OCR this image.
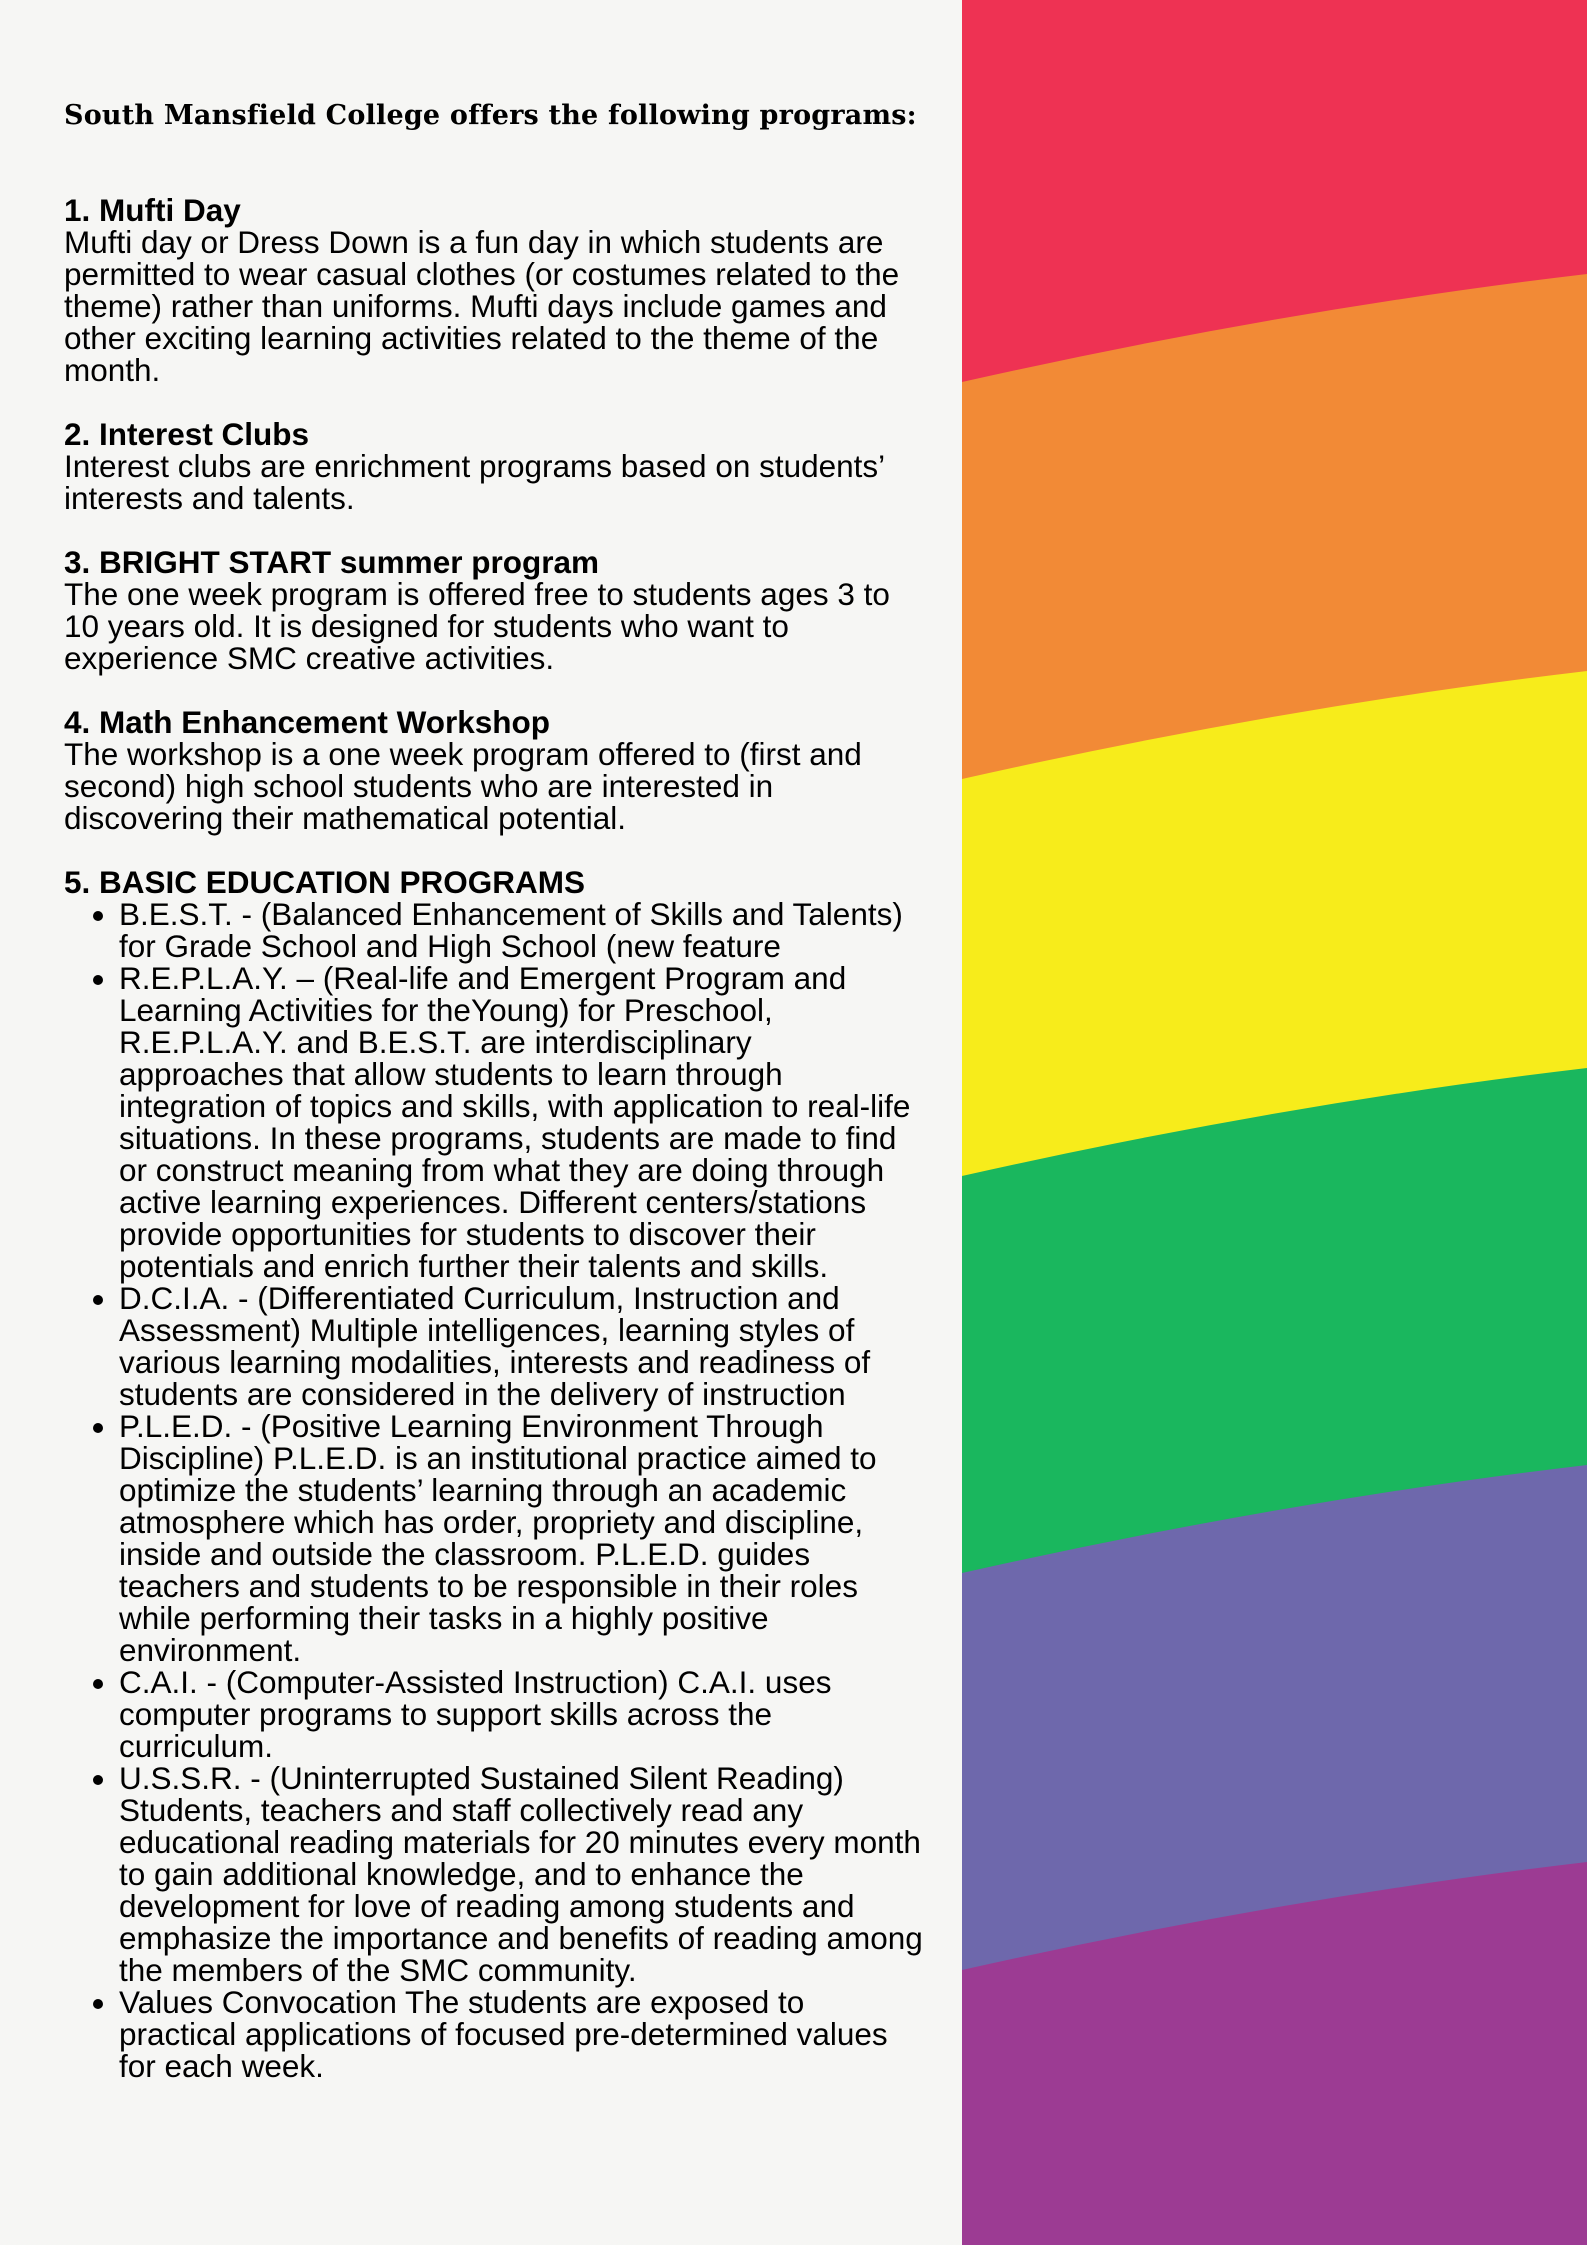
South Mansfield College offers the following programs:
1. Mufti Day

Mufti day or Dress Down is a fun day in which students are permitted to wear casual clothes (or costumes related to the theme) rather than uniforms. Mufti days include games and other exciting learning activities related to the theme of the month.

2. Interest Clubs

Interest clubs are enrichment programs based on students’ interests and talents.

3. BRIGHT START summer program

The one week program is offered free to students ages 3 to 10 years old. It is designed for students who want to experience SMC creative activities.

4. Math Enhancement Workshop

The workshop is a one week program offered to (first and second) high school students who are interested in discovering their mathematical potential.

5. BASIC EDUCATION PROGRAMS
• B.E.S.T. - (Balanced Enhancement of Skills and Talents) for Grade School and High School (new feature
• R.E.P.L.A.Y. – (Real-life and Emergent Program and Learning Activities for theYoung) for Preschool, R.E.P.L.A.Y. and B.E.S.T. are interdisciplinary approaches that allow students to learn through integration of topics and skills, with application to real-life situations. In these programs, students are made to find or construct meaning from what they are doing through active learning experiences. Different centers/stations provide opportunities for students to discover their potentials and enrich further their talents and skills.
• D.C.I.A. - (Differentiated Curriculum, Instruction and Assessment) Multiple intelligences, learning styles of various learning modalities, interests and readiness of students are considered in the delivery of instruction
• P.L.E.D. - (Positive Learning Environment Through Discipline) P.L.E.D. is an institutional practice aimed to optimize the students’ learning through an academic atmosphere which has order, propriety and discipline, inside and outside the classroom. P.L.E.D. guides teachers and students to be responsible in their roles while performing their tasks in a highly positive environment.
• C.A.I. - (Computer-Assisted Instruction) C.A.I. uses computer programs to support skills across the curriculum.
• U.S.S.R. - (Uninterrupted Sustained Silent Reading) Students, teachers and staff collectively read any educational reading materials for 20 minutes every month to gain additional knowledge, and to enhance the development for love of reading among students and emphasize the importance and benefits of reading among the members of the SMC community.
• Values Convocation The students are exposed to practical applications of focused pre-determined values for each week.
